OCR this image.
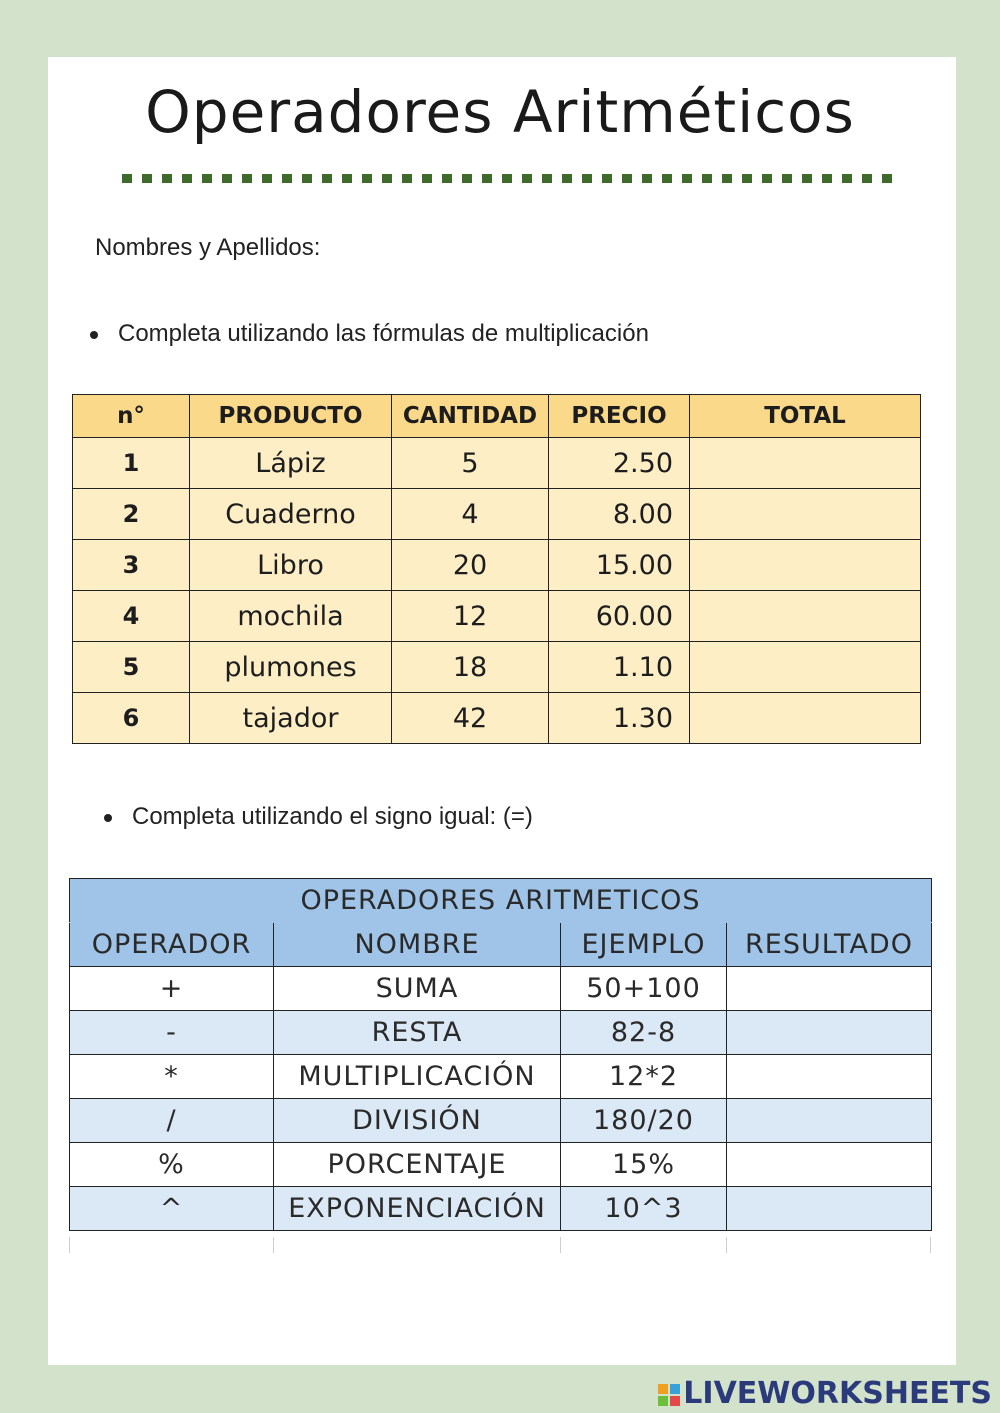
Operadores Aritméticos
Nombres y Apellidos:
Completa utilizando las fórmulas de multiplicación
n°	PRODUCTO	CANTIDAD	PRECIO	TOTAL
1	Lápiz	5	2.50	
2	Cuaderno	4	8.00	
3	Libro	20	15.00	
4	mochila	12	60.00	
5	plumones	18	1.10	
6	tajador	42	1.30	
Completa utilizando el signo igual: (=)
OPERADORES ARITMETICOS			
OPERADOR	NOMBRE	EJEMPLO	RESULTADO
+	SUMA	50+100	
-	RESTA	82-8	
*	MULTIPLICACIÓN	12*2	
/	DIVISIÓN	180/20	
%	PORCENTAJE	15%	
^	EXPONENCIACIÓN	10^3	
LIVEWORKSHEETS
